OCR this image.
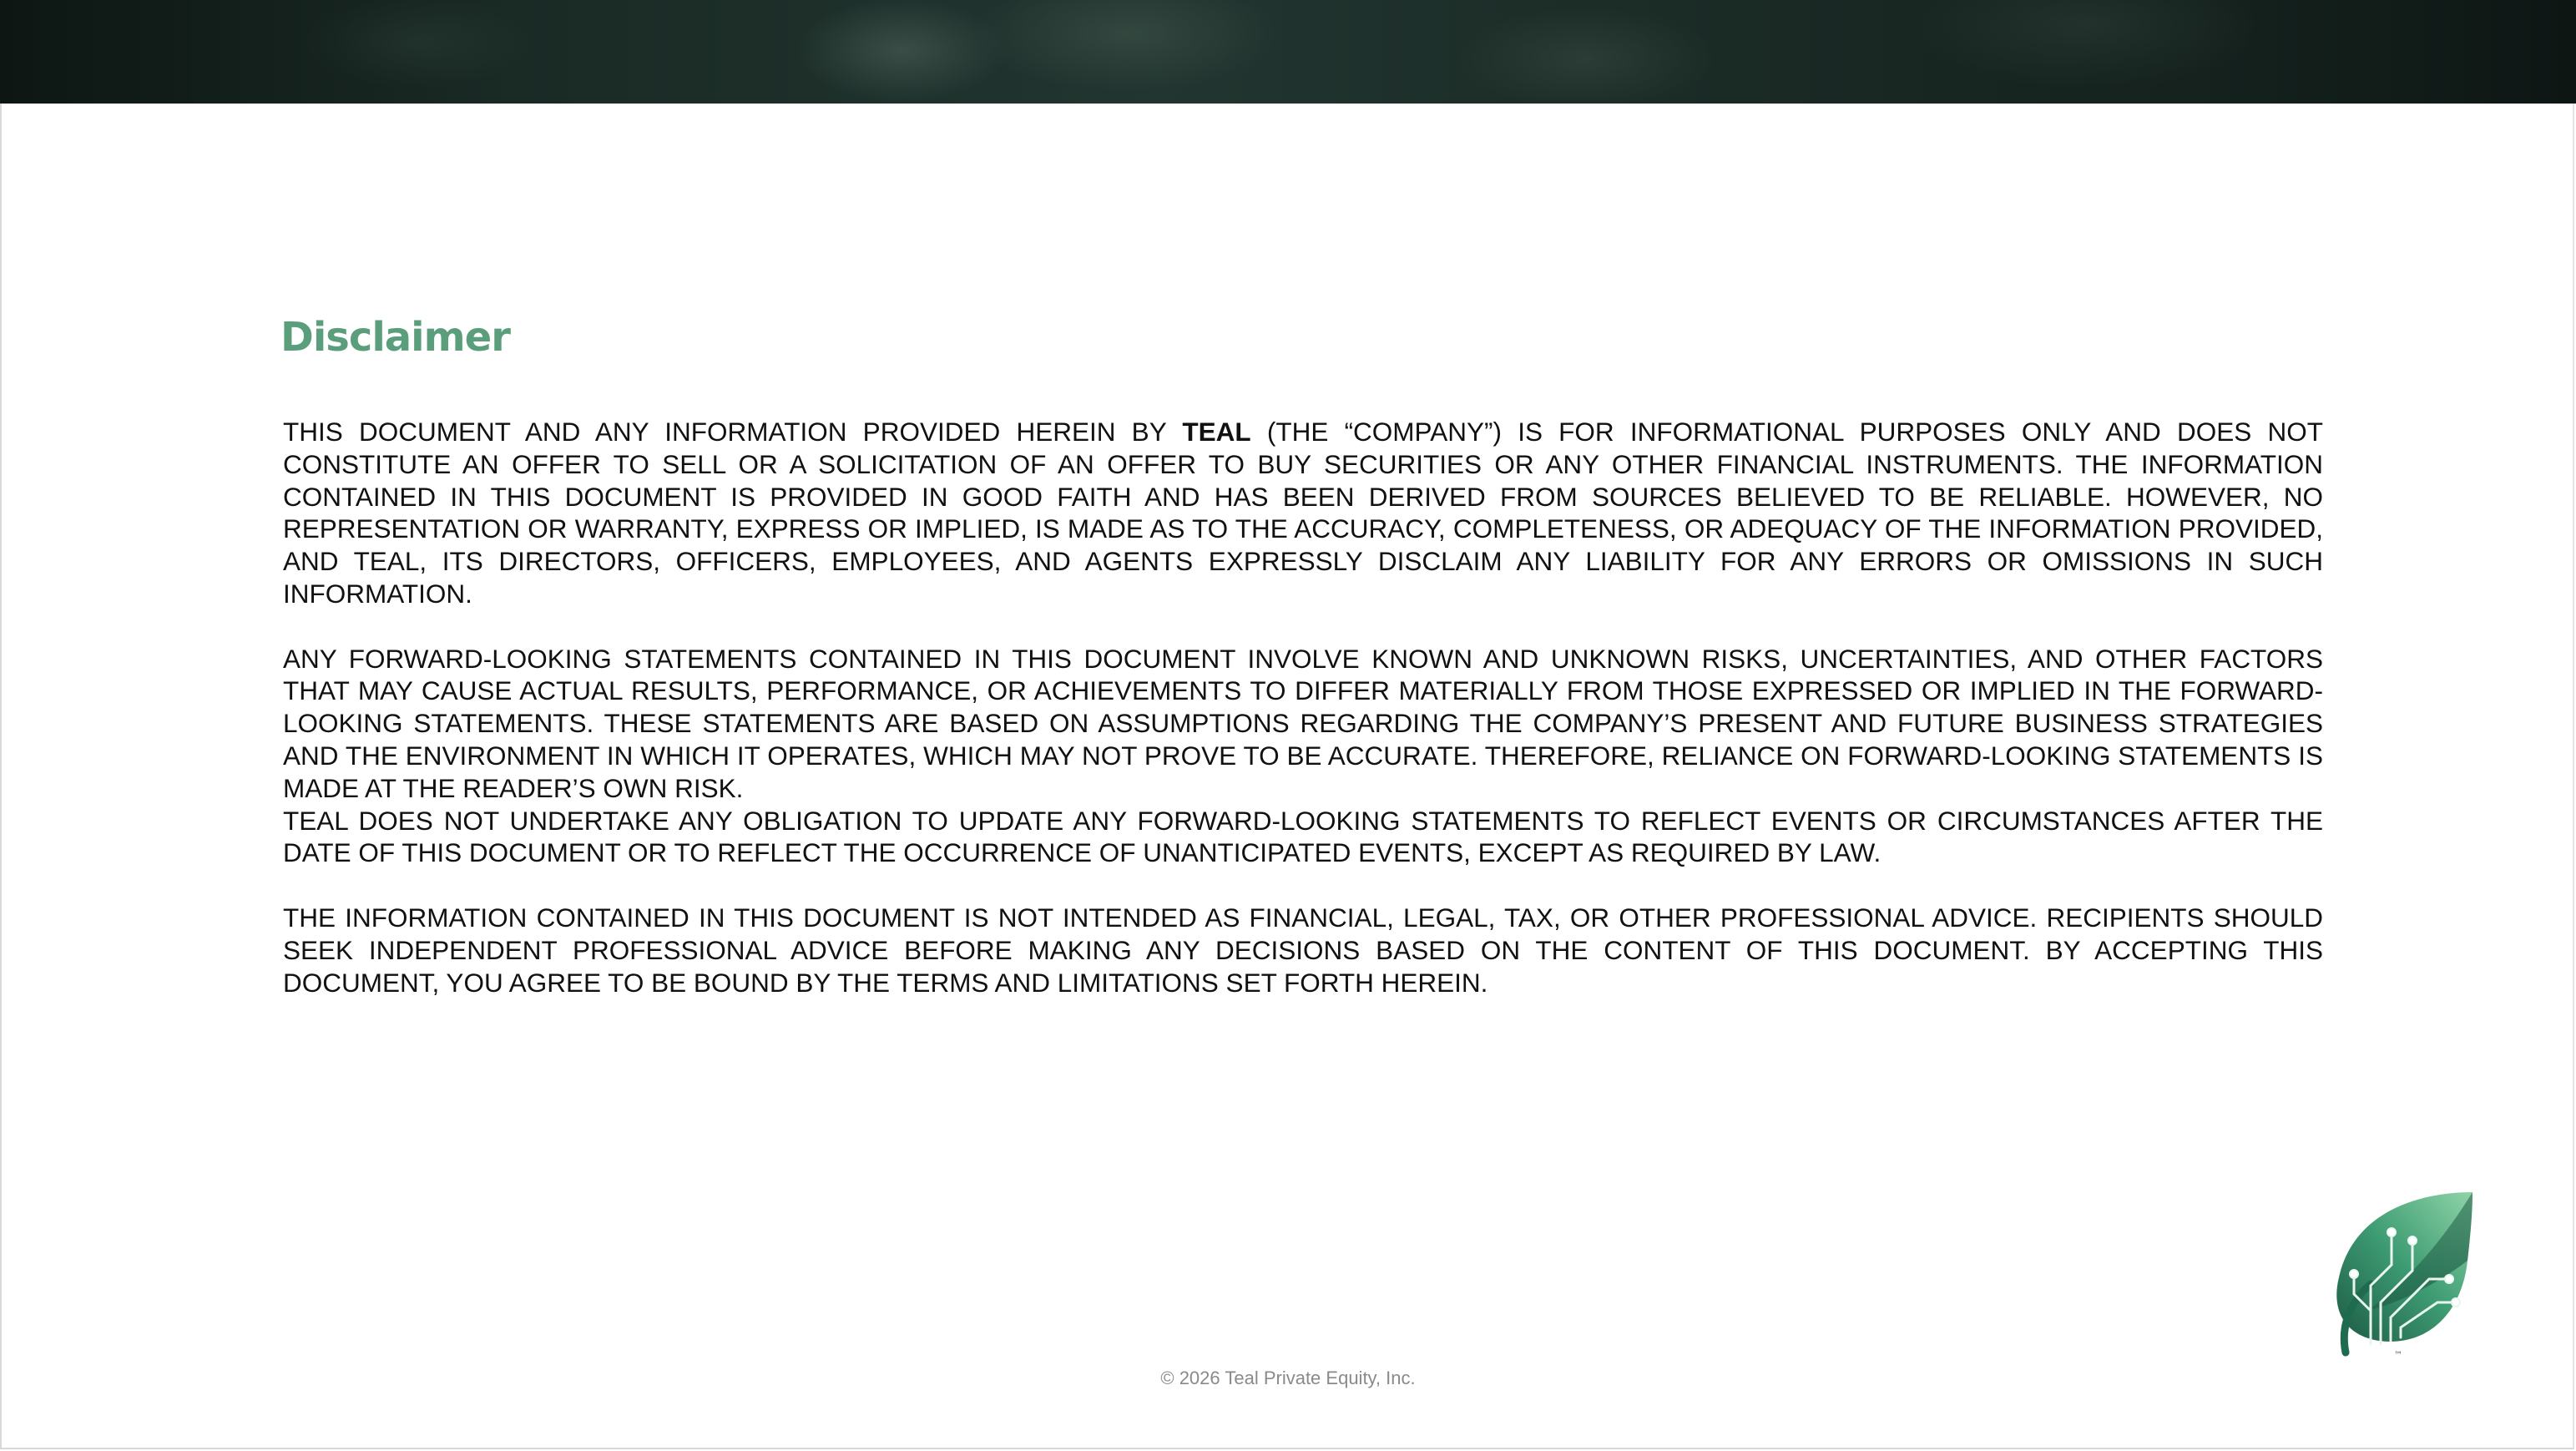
Disclaimer

THIS DOCUMENT AND ANY INFORMATION PROVIDED HEREIN BY TEAL (THE “COMPANY”) IS FOR INFORMATIONAL PURPOSES ONLY AND DOES NOT CONSTITUTE AN OFFER TO SELL OR A SOLICITATION OF AN OFFER TO BUY SECURITIES OR ANY OTHER FINANCIAL INSTRUMENTS. THE INFORMATION CONTAINED IN THIS DOCUMENT IS PROVIDED IN GOOD FAITH AND HAS BEEN DERIVED FROM SOURCES BELIEVED TO BE RELIABLE. HOWEVER, NO REPRESENTATION OR WARRANTY, EXPRESS OR IMPLIED, IS MADE AS TO THE ACCURACY, COMPLETENESS, OR ADEQUACY OF THE INFORMATION PROVIDED, AND TEAL, ITS DIRECTORS, OFFICERS, EMPLOYEES, AND AGENTS EXPRESSLY DISCLAIM ANY LIABILITY FOR ANY ERRORS OR OMISSIONS IN SUCH INFORMATION.

ANY FORWARD-LOOKING STATEMENTS CONTAINED IN THIS DOCUMENT INVOLVE KNOWN AND UNKNOWN RISKS, UNCERTAINTIES, AND OTHER FACTORS THAT MAY CAUSE ACTUAL RESULTS, PERFORMANCE, OR ACHIEVEMENTS TO DIFFER MATERIALLY FROM THOSE EXPRESSED OR IMPLIED IN THE FORWARD-LOOKING STATEMENTS. THESE STATEMENTS ARE BASED ON ASSUMPTIONS REGARDING THE COMPANY’S PRESENT AND FUTURE BUSINESS STRATEGIES AND THE ENVIRONMENT IN WHICH IT OPERATES, WHICH MAY NOT PROVE TO BE ACCURATE. THEREFORE, RELIANCE ON FORWARD-LOOKING STATEMENTS IS MADE AT THE READER’S OWN RISK.

TEAL DOES NOT UNDERTAKE ANY OBLIGATION TO UPDATE ANY FORWARD-LOOKING STATEMENTS TO REFLECT EVENTS OR CIRCUMSTANCES AFTER THE DATE OF THIS DOCUMENT OR TO REFLECT THE OCCURRENCE OF UNANTICIPATED EVENTS, EXCEPT AS REQUIRED BY LAW.

THE INFORMATION CONTAINED IN THIS DOCUMENT IS NOT INTENDED AS FINANCIAL, LEGAL, TAX, OR OTHER PROFESSIONAL ADVICE. RECIPIENTS SHOULD SEEK INDEPENDENT PROFESSIONAL ADVICE BEFORE MAKING ANY DECISIONS BASED ON THE CONTENT OF THIS DOCUMENT. BY ACCEPTING THIS DOCUMENT, YOU AGREE TO BE BOUND BY THE TERMS AND LIMITATIONS SET FORTH HEREIN.

™
© 2026 Teal Private Equity, Inc.
